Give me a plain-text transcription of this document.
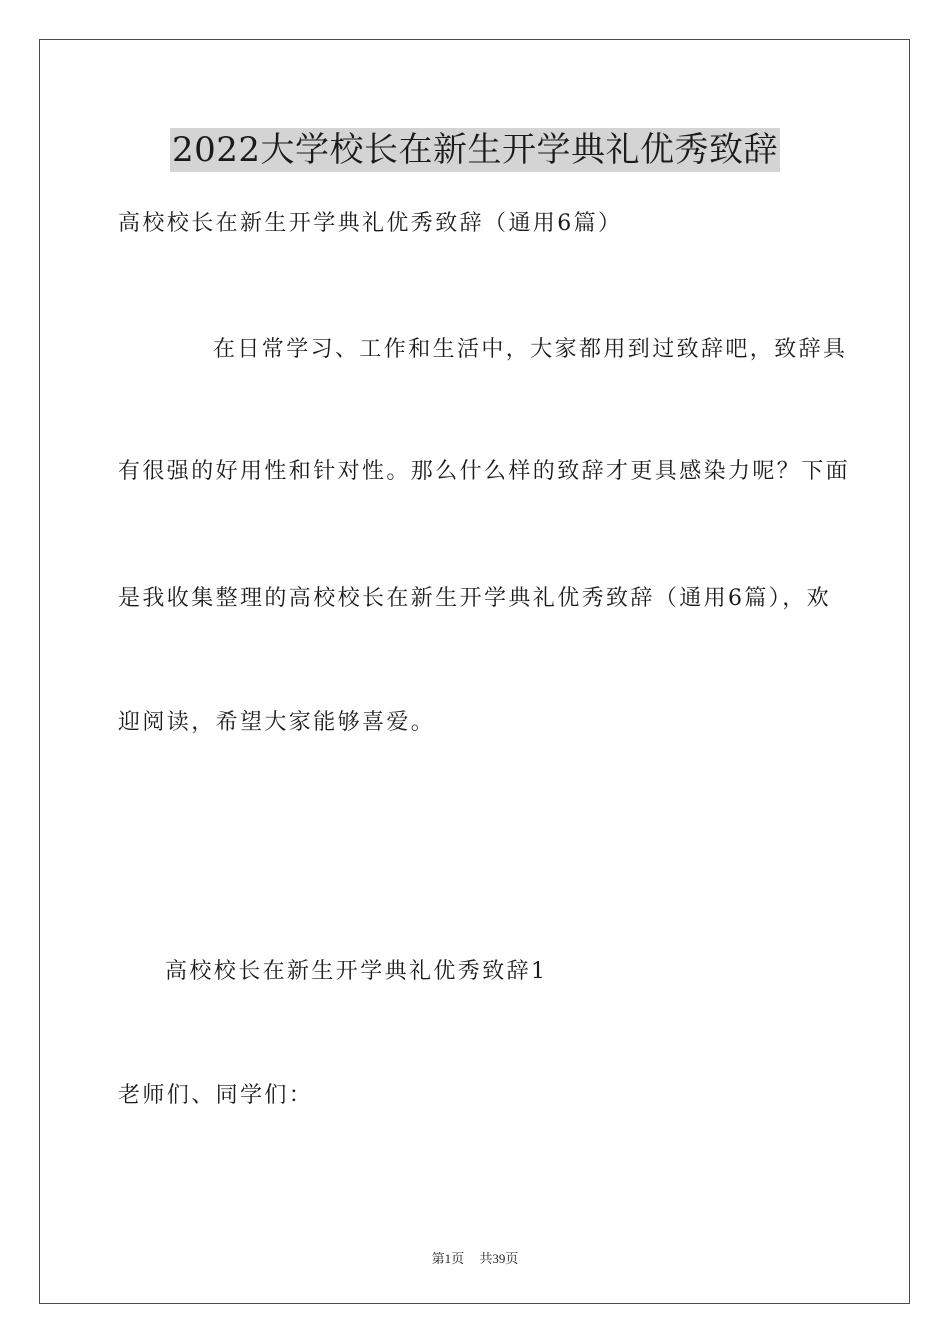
2022大学校长在新生开学典礼优秀致辞

高校校长在新生开学典礼优秀致辞（通用6篇）

在日常学习、工作和生活中，大家都用到过致辞吧，致辞具

有很强的好用性和针对性。那么什么样的致辞才更具感染力呢？下面

是我收集整理的高校校长在新生开学典礼优秀致辞（通用6篇），欢

迎阅读，希望大家能够喜爱。

高校校长在新生开学典礼优秀致辞1

老师们、同学们：

第1页 共39页
